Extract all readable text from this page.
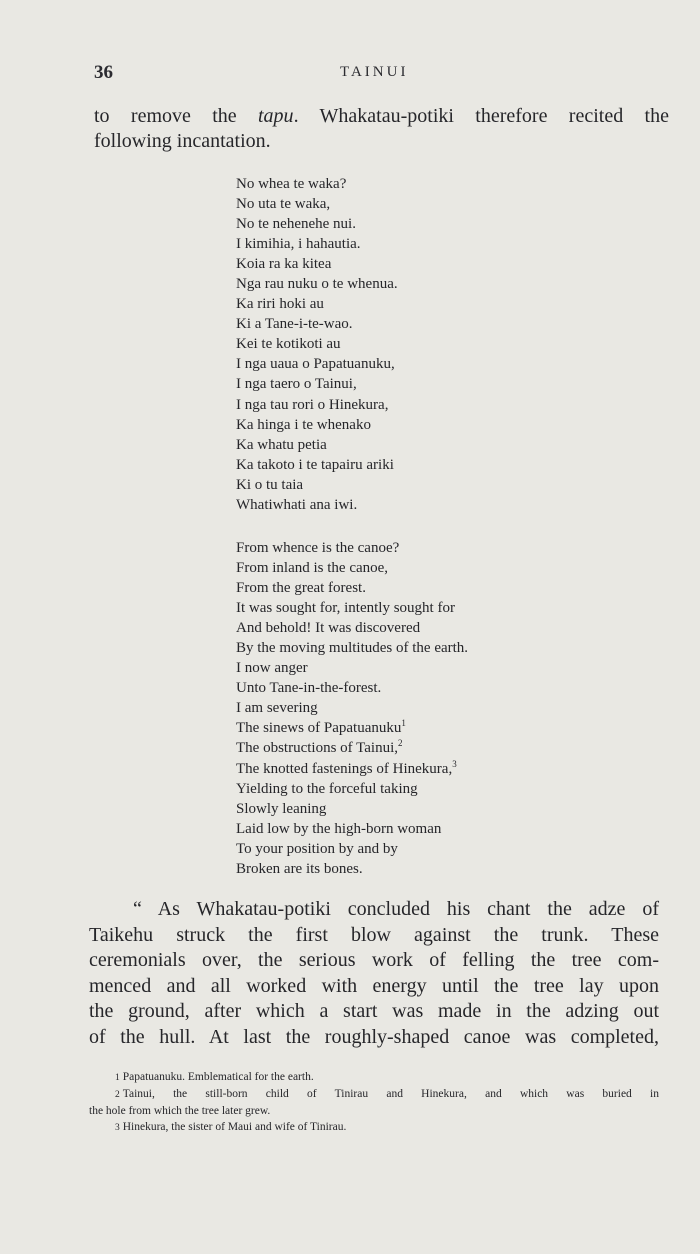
36	TAINUI

to remove the tapu. Whakatau-potiki therefore recited the
following incantation.

No whea te waka?
No uta te waka,
No te nehenehe nui.
I kimihia, i hahautia.
Koia ra ka kitea
Nga rau nuku o te whenua.
Ka riri hoki au
Ki a Tane-i-te-wao.
Kei te kotikoti au
I nga uaua o Papatuanuku,
I nga taero o Tainui,
I nga tau rori o Hinekura,
Ka hinga i te whenako
Ka whatu petia
Ka takoto i te tapairu ariki
Ki o tu taia
Whatiwhati ana iwi.
From whence is the canoe?
From inland is the canoe,
From the great forest.
It was sought for, intently sought for
And behold! It was discovered
By the moving multitudes of the earth.
I now anger
Unto Tane-in-the-forest.
I am severing
The sinews of Papatuanuku$^1$
The obstructions of Tainui,$^2$
The knotted fastenings of Hinekura,$^3$
Yielding to the forceful taking
Slowly leaning
Laid low by the high-born woman
To your position by and by
Broken are its bones.

“ As Whakatau-potiki concluded his chant the adze of
Taikehu struck the first blow against the trunk. These
ceremonials over, the serious work of felling the tree com-
menced and all worked with energy until the tree lay upon
the ground, after which a start was made in the adzing out
of the hull. At last the roughly-shaped canoe was completed,

1 Papatuanuku. Emblematical for the earth.
2 Tainui, the still-born child of Tinirau and Hinekura, and which was buried in
the hole from which the tree later grew.
3 Hinekura, the sister of Maui and wife of Tinirau.
